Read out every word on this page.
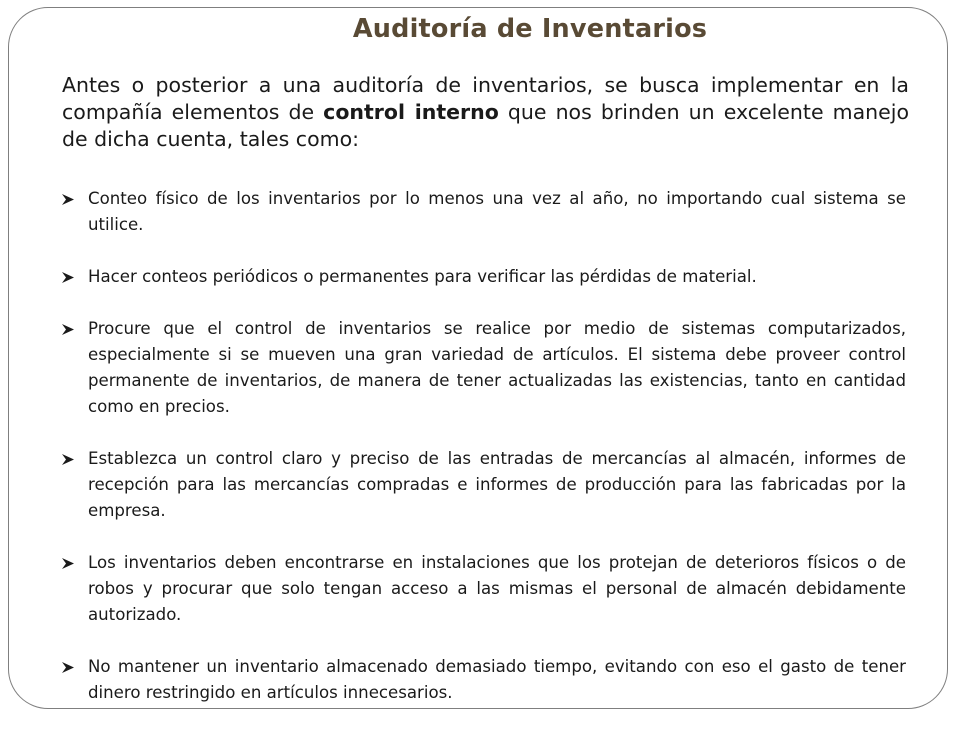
Auditoría de Inventarios

Antes o posterior a una auditoría de inventarios, se busca implementar en la compañía elementos de control interno que nos brinden un excelente manejo de dicha cuenta, tales como:

Conteo físico de los inventarios por lo menos una vez al año, no importando cual sistema se utilice.
Hacer conteos periódicos o permanentes para verificar las pérdidas de material.
Procure que el control de inventarios se realice por medio de sistemas computarizados, especialmente si se mueven una gran variedad de artículos. El sistema debe proveer control permanente de inventarios, de manera de tener actualizadas las existencias, tanto en cantidad como en precios.
Establezca un control claro y preciso de las entradas de mercancías al almacén, informes de recepción para las mercancías compradas e informes de producción para las fabricadas por la empresa.
Los inventarios deben encontrarse en instalaciones que los protejan de deterioros físicos o de robos y procurar que solo tengan acceso a las mismas el personal de almacén debidamente autorizado.
No mantener un inventario almacenado demasiado tiempo, evitando con eso el gasto de tener dinero restringido en artículos innecesarios.
